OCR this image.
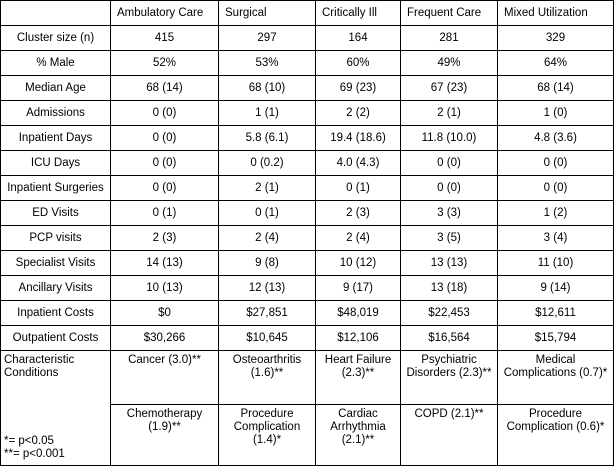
	Ambulatory Care	Surgical	Critically Ill	Frequent Care	Mixed Utilization
Cluster size (n)	415	297	164	281	329
% Male	52%	53%	60%	49%	64%
Median Age	68 (14)	68 (10)	69 (23)	67 (23)	68 (14)
Admissions	0 (0)	1 (1)	2 (2)	2 (1)	1 (0)
Inpatient Days	0 (0)	5.8 (6.1)	19.4 (18.6)	11.8 (10.0)	4.8 (3.6)
ICU Days	0 (0)	0 (0.2)	4.0 (4.3)	0 (0)	0 (0)
Inpatient Surgeries	0 (0)	2 (1)	0 (1)	0 (0)	0 (0)
ED Visits	0 (1)	0 (1)	2 (3)	3 (3)	1 (2)
PCP visits	2 (3)	2 (4)	2 (4)	3 (5)	3 (4)
Specialist Visits	14 (13)	9 (8)	10 (12)	13 (13)	11 (10)
Ancillary Visits	10 (13)	12 (13)	9 (17)	13 (18)	9 (14)
Inpatient Costs	$0	$27,851	$48,019	$22,453	$12,611
Outpatient Costs	$30,266	$10,645	$12,106	$16,564	$15,794
Characteristic Conditions	Cancer (3.0)**	Osteoarthritis (1.6)**	Heart Failure (2.3)**	Psychiatric Disorders (2.3)**	Medical Complications (0.7)*

*= p<0.05
**= p<0.001	Chemotherapy (1.9)**	Procedure Complication (1.4)*	Cardiac Arrhythmia (2.1)**	COPD (2.1)**	Procedure Complication (0.6)*
